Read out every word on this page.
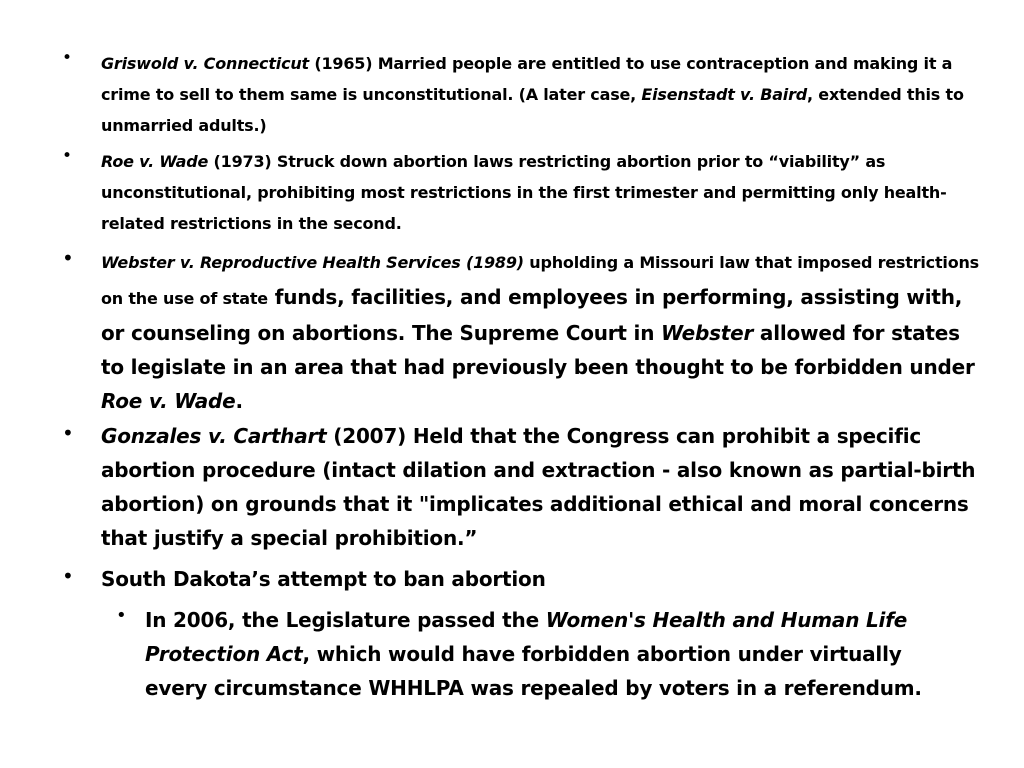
• Griswold v. Connecticut (1965) Married people are entitled to use contraception and making it a crime to sell to them same is unconstitutional. (A later case, Eisenstadt v. Baird, extended this to unmarried adults.)
• Roe v. Wade (1973) Struck down abortion laws restricting abortion prior to “viability” as unconstitutional, prohibiting most restrictions in the first trimester and permitting only health-related restrictions in the second.
• Webster v. Reproductive Health Services (1989) upholding a Missouri law that imposed restrictions on the use of state funds, facilities, and employees in performing, assisting with, or counseling on abortions. The Supreme Court in Webster allowed for states to legislate in an area that had previously been thought to be forbidden under Roe v. Wade.
• Gonzales v. Carthart (2007) Held that the Congress can prohibit a specific abortion procedure (intact dilation and extraction - also known as partial-birth abortion) on grounds that it "implicates additional ethical and moral concerns that justify a special prohibition.”
• South Dakota’s attempt to ban abortion
• In 2006, the Legislature passed the Women's Health and Human Life Protection Act, which would have forbidden abortion under virtually every circumstance WHHLPA was repealed by voters in a referendum.
